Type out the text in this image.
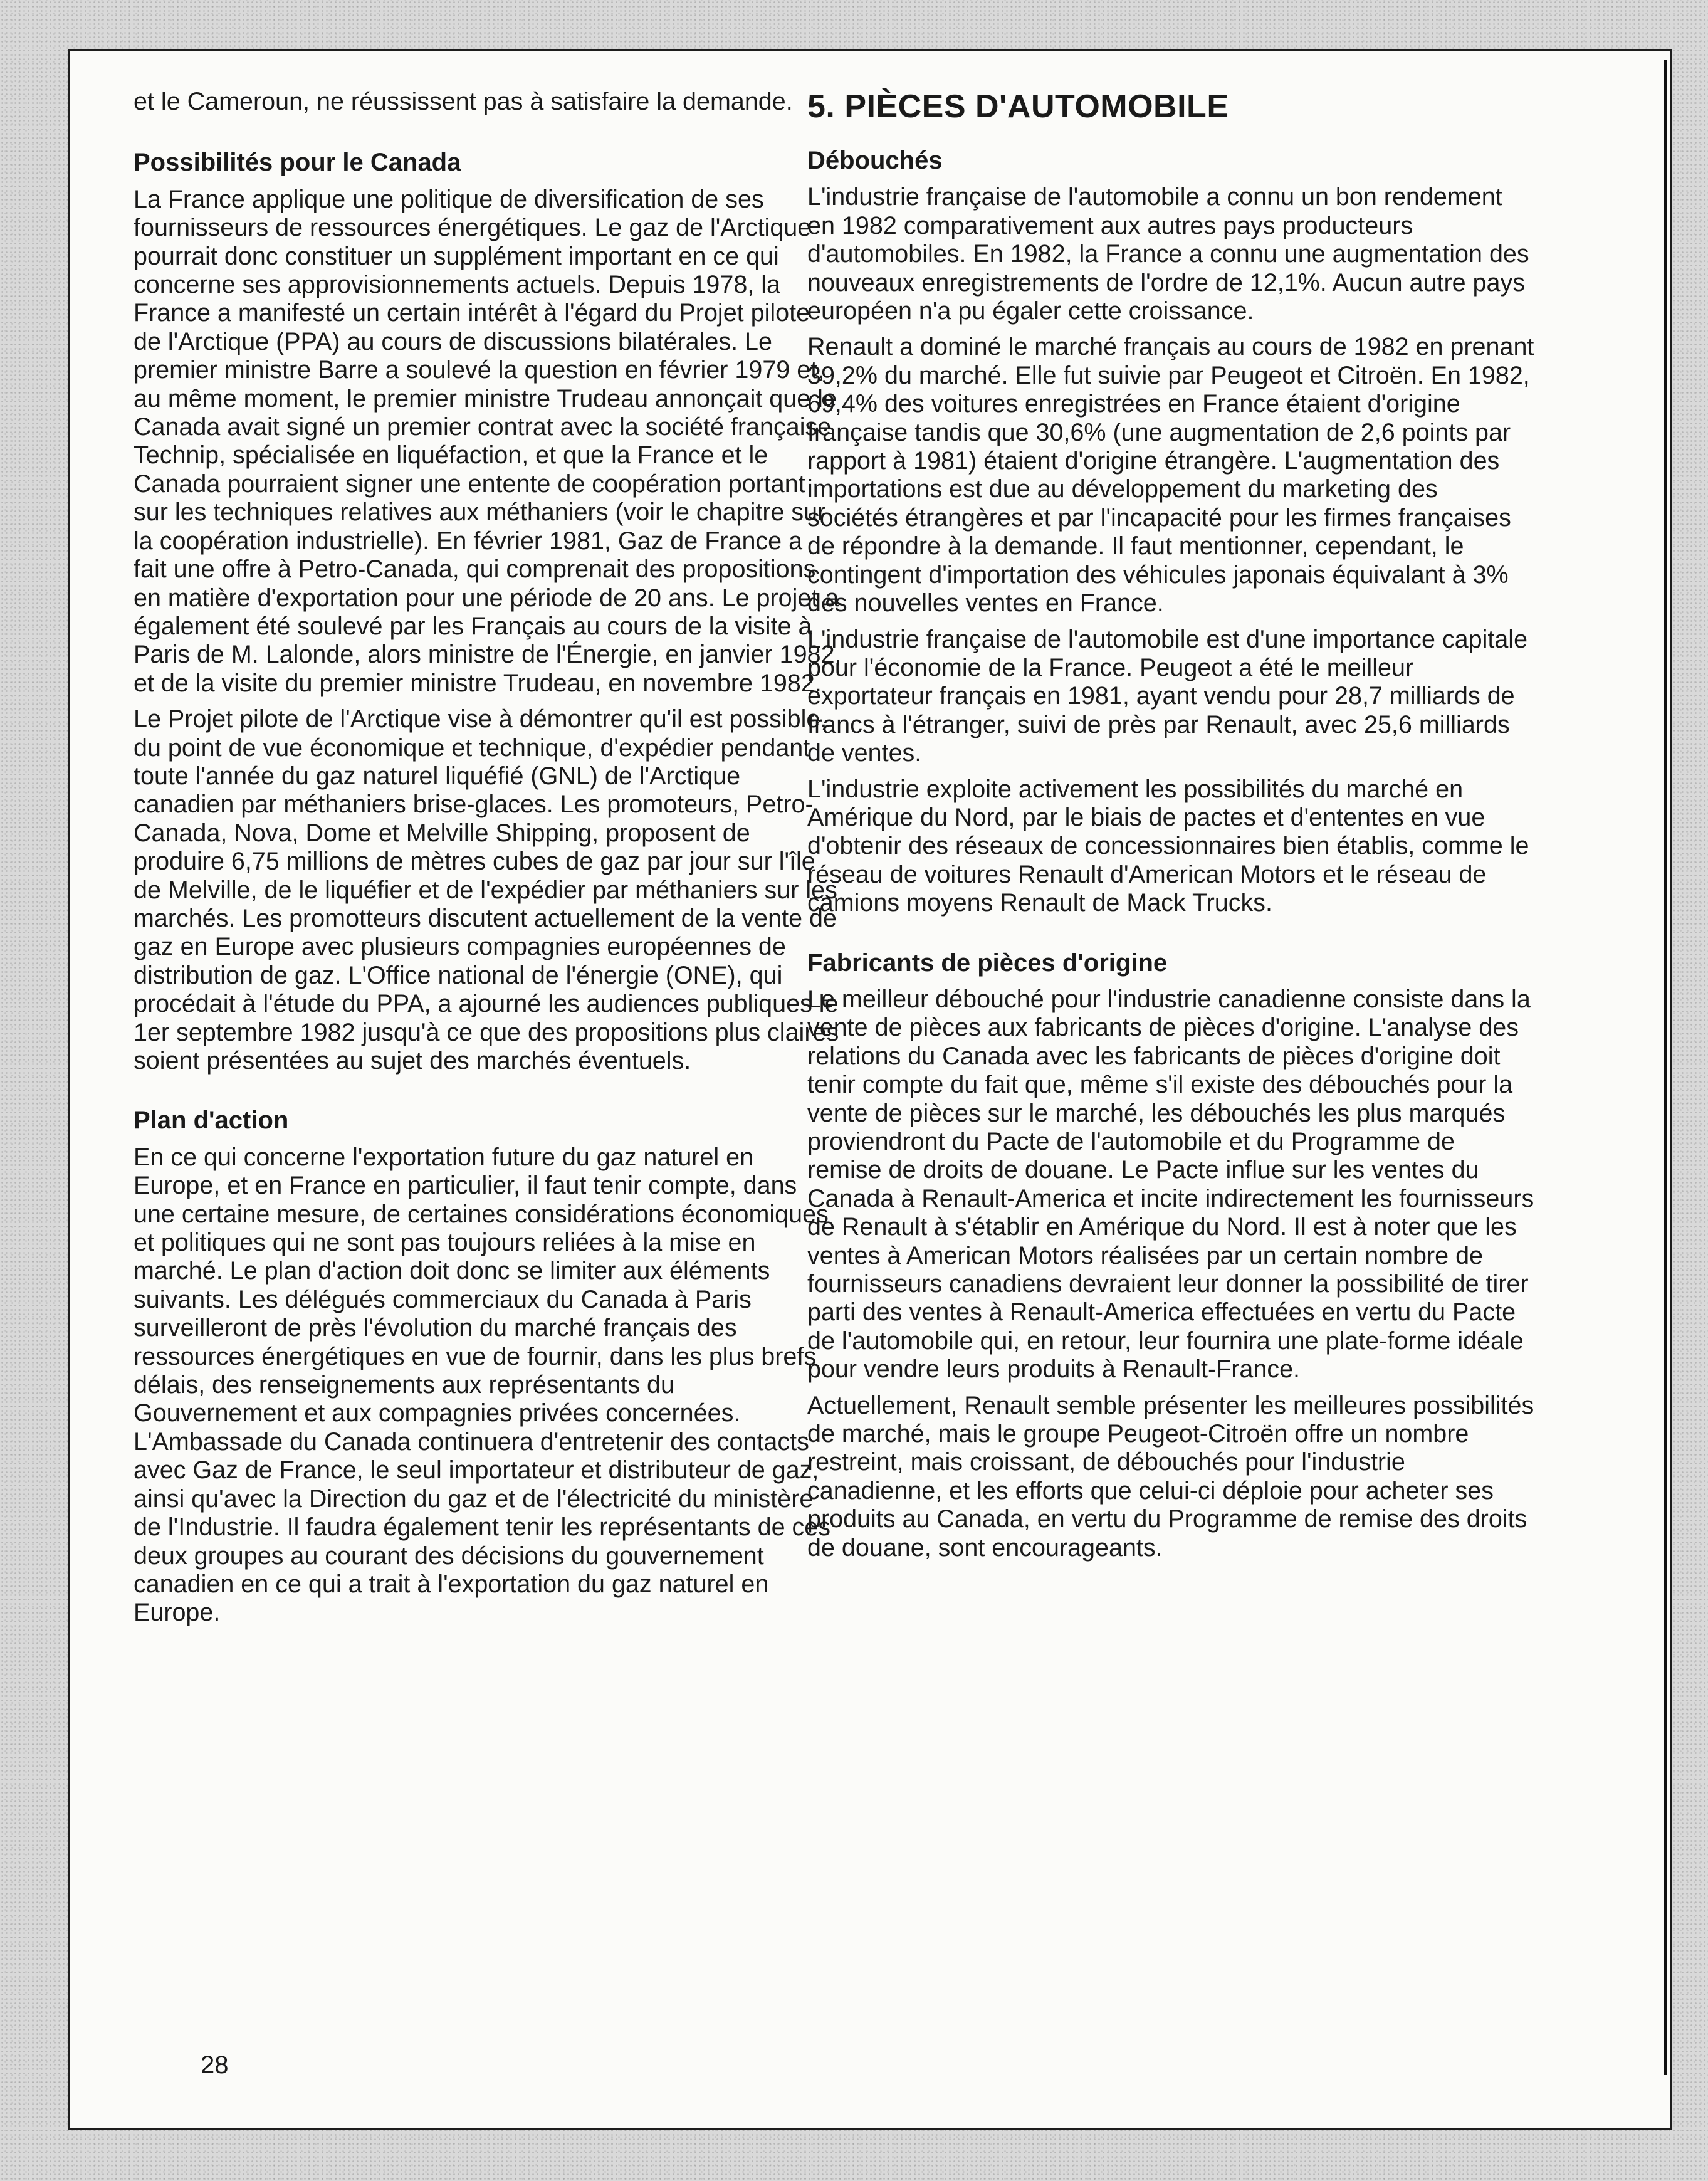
et le Cameroun, ne réussissent pas à satisfaire la demande.

Possibilités pour le Canada

La France applique une politique de diversification de ses fournisseurs de ressources énergétiques. Le gaz de l'Arctique pourrait donc constituer un supplément important en ce qui concerne ses approvisionnements actuels. Depuis 1978, la France a manifesté un certain intérêt à l'égard du Projet pilote de l'Arctique (PPA) au cours de discussions bilatérales. Le premier ministre Barre a soulevé la question en février 1979 et, au même moment, le premier ministre Trudeau annonçait que le Canada avait signé un premier contrat avec la société française Technip, spécialisée en liquéfaction, et que la France et le Canada pourraient signer une entente de coopération portant sur les techniques relatives aux méthaniers (voir le chapitre sur la coopération industrielle). En février 1981, Gaz de France a fait une offre à Petro-Canada, qui comprenait des propositions en matière d'exportation pour une période de 20 ans. Le projet a également été soulevé par les Français au cours de la visite à Paris de M. Lalonde, alors ministre de l'Énergie, en janvier 1982, et de la visite du premier ministre Trudeau, en novembre 1982.

Le Projet pilote de l'Arctique vise à démontrer qu'il est possible, du point de vue économique et technique, d'expédier pendant toute l'année du gaz naturel liquéfié (GNL) de l'Arctique canadien par méthaniers brise-glaces. Les promoteurs, Petro-Canada, Nova, Dome et Melville Shipping, proposent de produire 6,75 millions de mètres cubes de gaz par jour sur l'île de Melville, de le liquéfier et de l'expédier par méthaniers sur les marchés. Les promotteurs discutent actuellement de la vente de gaz en Europe avec plusieurs compagnies européennes de distribution de gaz. L'Office national de l'énergie (ONE), qui procédait à l'étude du PPA, a ajourné les audiences publiques le 1er septembre 1982 jusqu'à ce que des propositions plus claires soient présentées au sujet des marchés éventuels.

Plan d'action

En ce qui concerne l'exportation future du gaz naturel en Europe, et en France en particulier, il faut tenir compte, dans une certaine mesure, de certaines considérations économiques et politiques qui ne sont pas toujours reliées à la mise en marché. Le plan d'action doit donc se limiter aux éléments suivants. Les délégués commerciaux du Canada à Paris surveilleront de près l'évolution du marché français des ressources énergétiques en vue de fournir, dans les plus brefs délais, des renseignements aux représentants du Gouvernement et aux compagnies privées concernées. L'Ambassade du Canada continuera d'entretenir des contacts avec Gaz de France, le seul importateur et distributeur de gaz, ainsi qu'avec la Direction du gaz et de l'électricité du ministère de l'Industrie. Il faudra également tenir les représentants de ces deux groupes au courant des décisions du gouvernement canadien en ce qui a trait à l'exportation du gaz naturel en Europe.

5. PIÈCES D'AUTOMOBILE
Débouchés

L'industrie française de l'automobile a connu un bon rendement en 1982 comparativement aux autres pays producteurs d'automobiles. En 1982, la France a connu une augmentation des nouveaux enregistrements de l'ordre de 12,1%. Aucun autre pays européen n'a pu égaler cette croissance.

Renault a dominé le marché français au cours de 1982 en prenant 39,2% du marché. Elle fut suivie par Peugeot et Citroën. En 1982, 69,4% des voitures enregistrées en France étaient d'origine française tandis que 30,6% (une augmentation de 2,6 points par rapport à 1981) étaient d'origine étrangère. L'augmentation des importations est due au développement du marketing des sociétés étrangères et par l'incapacité pour les firmes françaises de répondre à la demande. Il faut mentionner, cependant, le contingent d'importation des véhicules japonais équivalant à 3% des nouvelles ventes en France.

L'industrie française de l'automobile est d'une importance capitale pour l'économie de la France. Peugeot a été le meilleur exportateur français en 1981, ayant vendu pour 28,7 milliards de francs à l'étranger, suivi de près par Renault, avec 25,6 milliards de ventes.

L'industrie exploite activement les possibilités du marché en Amérique du Nord, par le biais de pactes et d'ententes en vue d'obtenir des réseaux de concessionnaires bien établis, comme le réseau de voitures Renault d'American Motors et le réseau de camions moyens Renault de Mack Trucks.

Fabricants de pièces d'origine

Le meilleur débouché pour l'industrie canadienne consiste dans la vente de pièces aux fabricants de pièces d'origine. L'analyse des relations du Canada avec les fabricants de pièces d'origine doit tenir compte du fait que, même s'il existe des débouchés pour la vente de pièces sur le marché, les débouchés les plus marqués proviendront du Pacte de l'automobile et du Programme de remise de droits de douane. Le Pacte influe sur les ventes du Canada à Renault-America et incite indirectement les fournisseurs de Renault à s'établir en Amérique du Nord. Il est à noter que les ventes à American Motors réalisées par un certain nombre de fournisseurs canadiens devraient leur donner la possibilité de tirer parti des ventes à Renault-America effectuées en vertu du Pacte de l'automobile qui, en retour, leur fournira une plate-forme idéale pour vendre leurs produits à Renault-France.

Actuellement, Renault semble présenter les meilleures possibilités de marché, mais le groupe Peugeot-Citroën offre un nombre restreint, mais croissant, de débouchés pour l'industrie canadienne, et les efforts que celui-ci déploie pour acheter ses produits au Canada, en vertu du Programme de remise des droits de douane, sont encourageants.

28
